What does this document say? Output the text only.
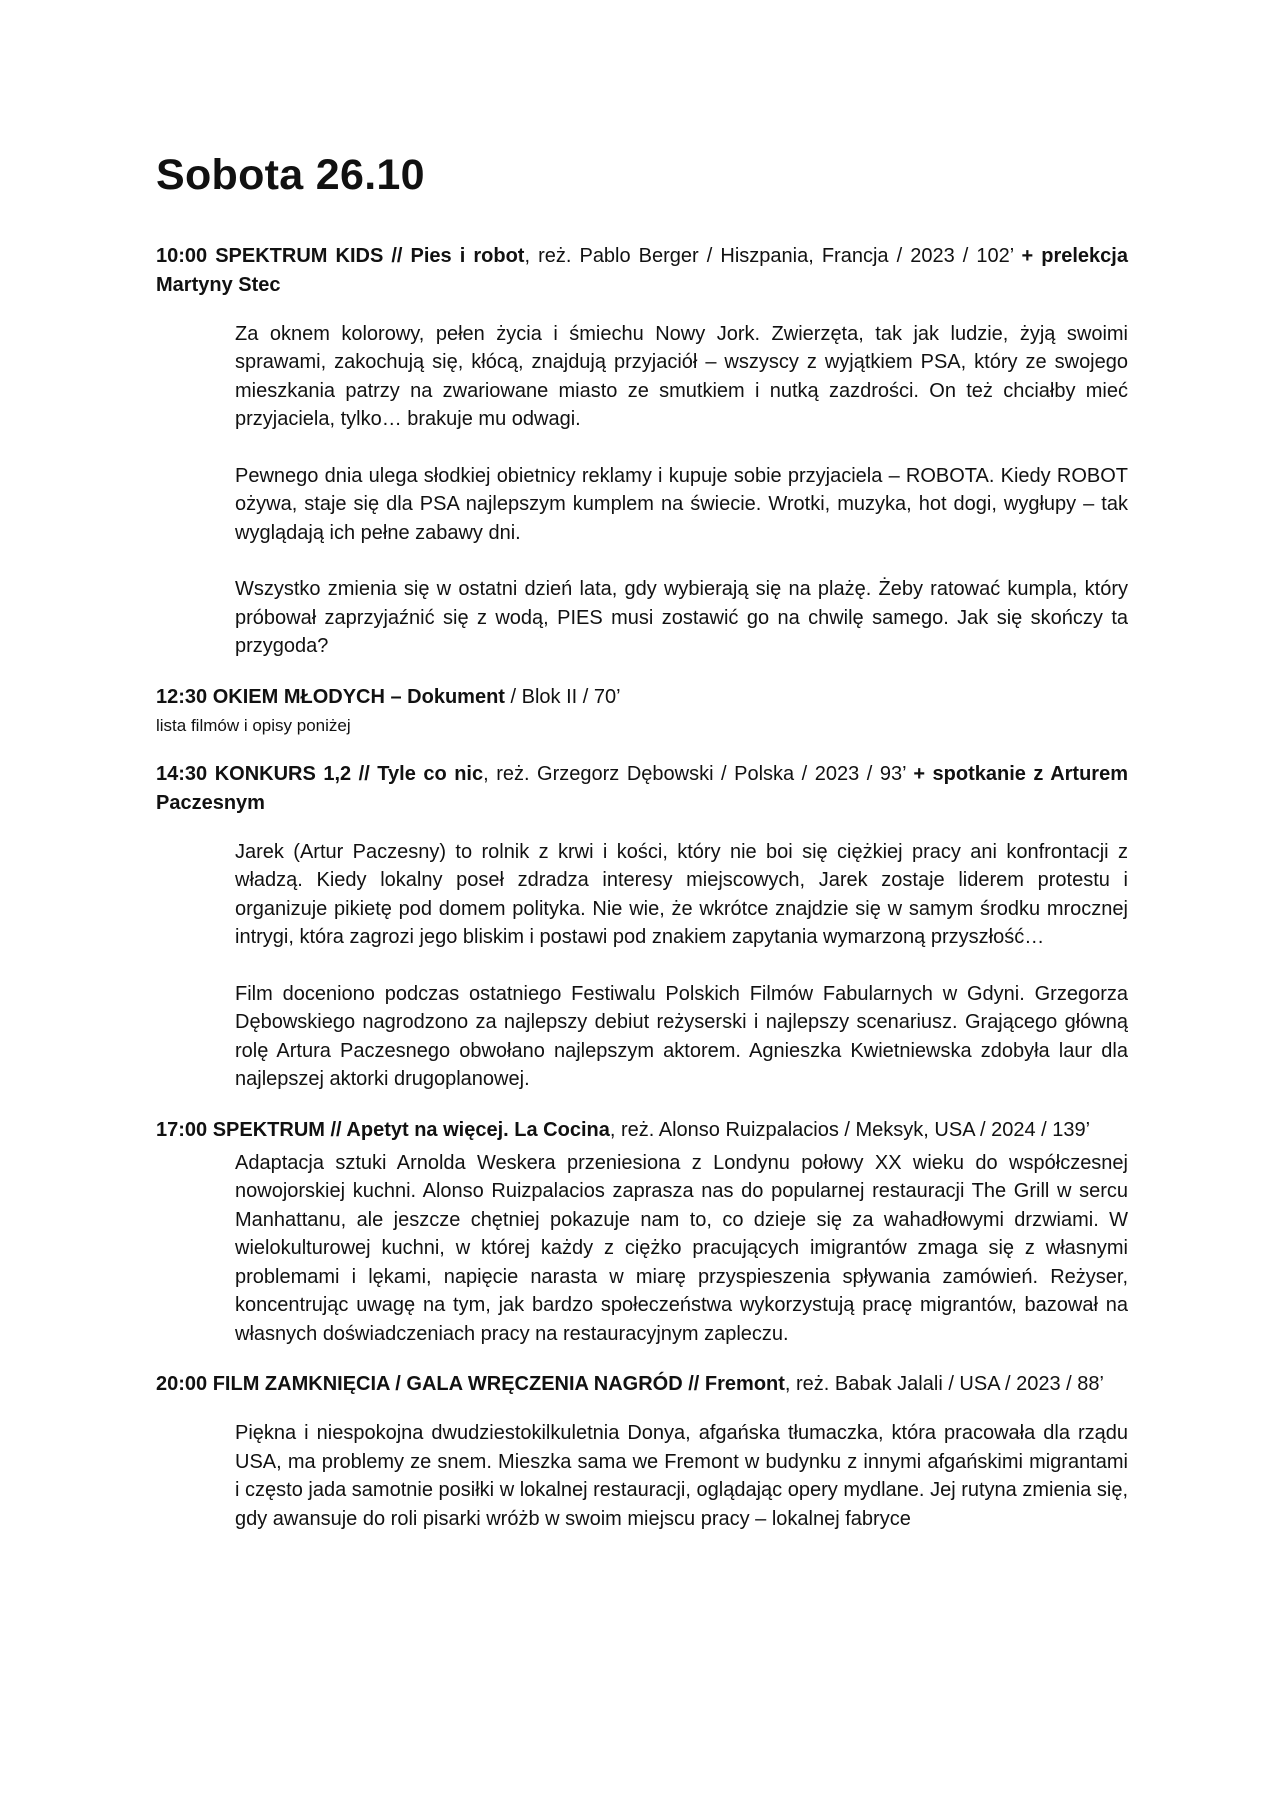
Sobota 26.10
10:00 SPEKTRUM KIDS // Pies i robot, reż. Pablo Berger / Hiszpania, Francja / 2023 / 102’ + prelekcja Martyny Stec

Za oknem kolorowy, pełen życia i śmiechu Nowy Jork. Zwierzęta, tak jak ludzie, żyją swoimi sprawami, zakochują się, kłócą, znajdują przyjaciół – wszyscy z wyjątkiem PSA, który ze swojego mieszkania patrzy na zwariowane miasto ze smutkiem i nutką zazdrości. On też chciałby mieć przyjaciela, tylko… brakuje mu odwagi.

Pewnego dnia ulega słodkiej obietnicy reklamy i kupuje sobie przyjaciela – ROBOTA. Kiedy ROBOT ożywa, staje się dla PSA najlepszym kumplem na świecie. Wrotki, muzyka, hot dogi, wygłupy – tak wyglądają ich pełne zabawy dni.

Wszystko zmienia się w ostatni dzień lata, gdy wybierają się na plażę. Żeby ratować kumpla, który próbował zaprzyjaźnić się z wodą, PIES musi zostawić go na chwilę samego. Jak się skończy ta przygoda?

12:30 OKIEM MŁODYCH – Dokument / Blok II / 70’
lista filmów i opisy poniżej
14:30 KONKURS 1,2 // Tyle co nic, reż. Grzegorz Dębowski / Polska / 2023 / 93’ + spotkanie z Arturem Paczesnym

Jarek (Artur Paczesny) to rolnik z krwi i kości, który nie boi się ciężkiej pracy ani konfrontacji z władzą. Kiedy lokalny poseł zdradza interesy miejscowych, Jarek zostaje liderem protestu i organizuje pikietę pod domem polityka. Nie wie, że wkrótce znajdzie się w samym środku mrocznej intrygi, która zagrozi jego bliskim i postawi pod znakiem zapytania wymarzoną przyszłość…

Film doceniono podczas ostatniego Festiwalu Polskich Filmów Fabularnych w Gdyni. Grzegorza Dębowskiego nagrodzono za najlepszy debiut reżyserski i najlepszy scenariusz. Grającego główną rolę Artura Paczesnego obwołano najlepszym aktorem. Agnieszka Kwietniewska zdobyła laur dla najlepszej aktorki drugoplanowej.

17:00 SPEKTRUM // Apetyt na więcej. La Cocina, reż. Alonso Ruizpalacios / Meksyk, USA / 2024 / 139’

Adaptacja sztuki Arnolda Weskera przeniesiona z Londynu połowy XX wieku do współczesnej nowojorskiej kuchni. Alonso Ruizpalacios zaprasza nas do popularnej restauracji The Grill w sercu Manhattanu, ale jeszcze chętniej pokazuje nam to, co dzieje się za wahadłowymi drzwiami. W wielokulturowej kuchni, w której każdy z ciężko pracujących imigrantów zmaga się z własnymi problemami i lękami, napięcie narasta w miarę przyspieszenia spływania zamówień. Reżyser, koncentrując uwagę na tym, jak bardzo społeczeństwa wykorzystują pracę migrantów, bazował na własnych doświadczeniach pracy na restauracyjnym zapleczu.

20:00 FILM ZAMKNIĘCIA / GALA WRĘCZENIA NAGRÓD // Fremont, reż. Babak Jalali / USA / 2023 / 88’

Piękna i niespokojna dwudziestokilkuletnia Donya, afgańska tłumaczka, która pracowała dla rządu USA, ma problemy ze snem. Mieszka sama we Fremont w budynku z innymi afgańskimi migrantami i często jada samotnie posiłki w lokalnej restauracji, oglądając opery mydlane. Jej rutyna zmienia się, gdy awansuje do roli pisarki wróżb w swoim miejscu pracy – lokalnej fabryce
